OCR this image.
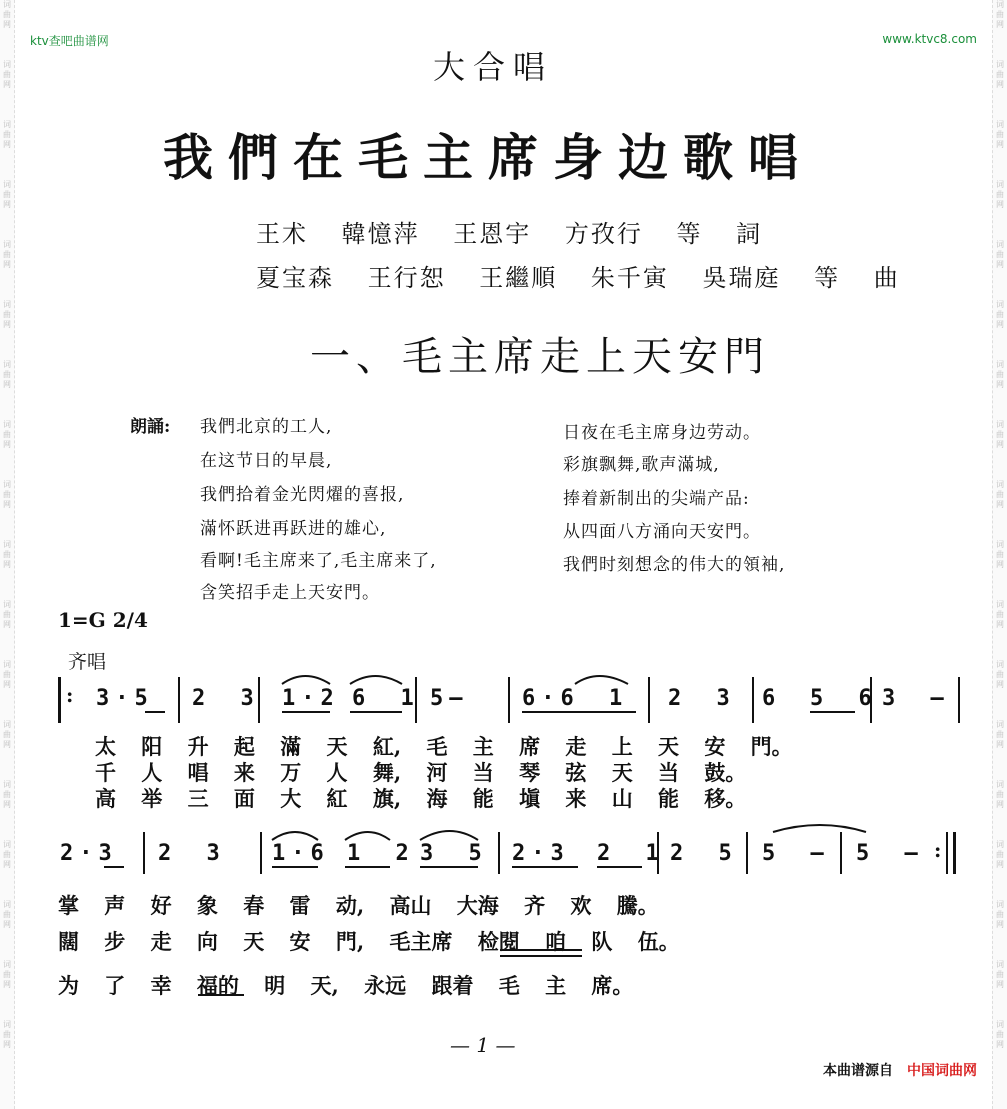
词曲网
词曲网
词曲网
词曲网
词曲网
词曲网
词曲网
词曲网
词曲网
词曲网
词曲网
词曲网
词曲网
词曲网
词曲网
词曲网
词曲网
词曲网
词曲网
词曲网
词曲网
词曲网
词曲网
词曲网
词曲网
词曲网
词曲网
词曲网
词曲网
词曲网
词曲网
词曲网
词曲网
词曲网
词曲网
词曲网
ktv查吧曲谱网	www.ktvc8.com
大合唱
我們在毛主席身边歌唱
王术 韓憶萍 王恩宇 方孜行 等 詞
夏宝森 王行恕 王繼順 朱千寅 吳瑞庭 等 曲
一、毛主席走上天安門
朗誦: 我們北京的工人,
在这节日的早晨,
我們拾着金光閃燿的喜报,
滿怀跃进再跃进的雄心,
看啊!毛主席来了,毛主席来了,
含笑招手走上天安門。
日夜在毛主席身边劳动。
彩旗飘舞,歌声滿城,
捧着新制出的尖端产品:
从四面八方涌向天安門。
我們时刻想念的伟大的領袖,
1=G 2/4
齐唱
: 3·5 2 3 1·2 6 1 5— 6·6 1 2 3 6 5 6 3 —
太 阳 升 起 滿 天 紅, 毛 主 席 走 上 天 安 門。
千 人 唱 来 万 人 舞, 河 当 琴 弦 天 当 鼓。
高 举 三 面 大 紅 旗, 海 能 塡 来 山 能 移。
:
2·3 2 3 1·6 1 2 3 5 2·3 2 1 2 5 5 — 5 —
掌 声 好 象 春 雷 动, 高山 大海 齐 欢 騰。
闊 步 走 向 天 安 門, 毛主席 检閱 咱 队 伍。
为 了 幸 福的 明 天, 永远 跟着 毛 主 席。
— 1 —
本曲谱源自 中国词曲网
